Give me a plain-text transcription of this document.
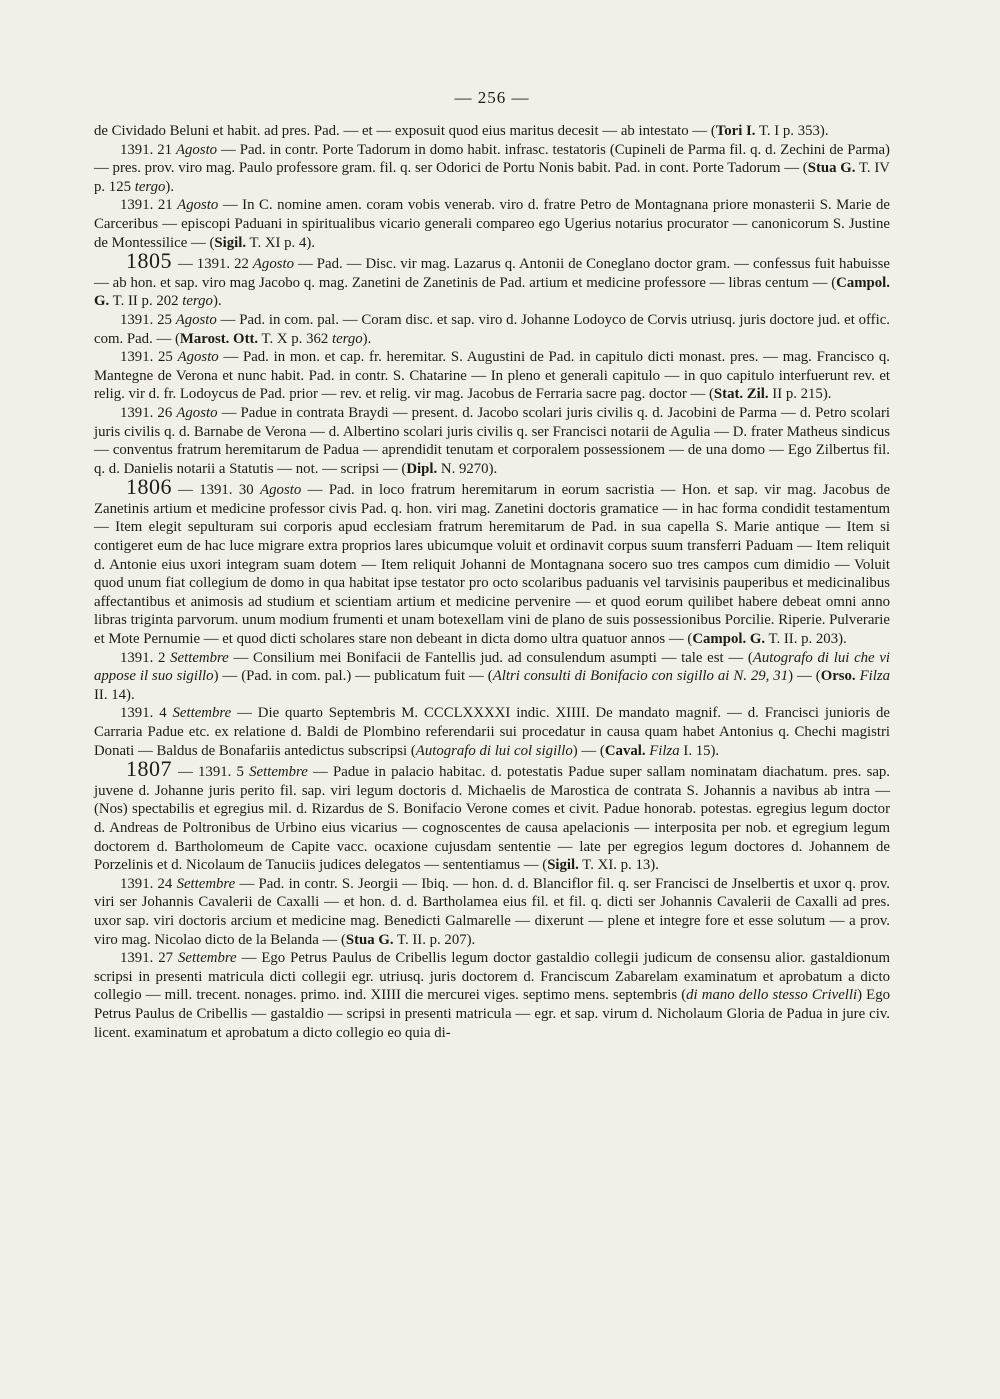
— 256 —

de Cividado Beluni et habit. ad pres. Pad. — et — exposuit quod eius maritus decesit — ab intestato — (Tori I. T. I p. 353).

1391. 21 Agosto — Pad. in contr. Porte Tadorum in domo habit. infrasc. testatoris (Cupineli de Parma fil. q. d. Zechini de Parma) — pres. prov. viro mag. Paulo professore gram. fil. q. ser Odorici de Portu Nonis babit. Pad. in cont. Porte Tadorum — (Stua G. T. IV p. 125 tergo).

1391. 21 Agosto — In C. nomine amen. coram vobis venerab. viro d. fratre Petro de Montagnana priore monasterii S. Marie de Carceribus — episcopi Paduani in spiritualibus vicario generali compareo ego Ugerius notarius procurator — canonicorum S. Justine de Montessilice — (Sigil. T. XI p. 4).

1805 — 1391. 22 Agosto — Pad. — Disc. vir mag. Lazarus q. Antonii de Coneglano doctor gram. — confessus fuit habuisse — ab hon. et sap. viro mag Jacobo q. mag. Zanetini de Zanetinis de Pad. artium et medicine professore — libras centum — (Campol. G. T. II p. 202 tergo).

1391. 25 Agosto — Pad. in com. pal. — Coram disc. et sap. viro d. Johanne Lodoyco de Corvis utriusq. juris doctore jud. et offic. com. Pad. — (Marost. Ott. T. X p. 362 tergo).

1391. 25 Agosto — Pad. in mon. et cap. fr. heremitar. S. Augustini de Pad. in capitulo dicti monast. pres. — mag. Francisco q. Mantegne de Verona et nunc habit. Pad. in contr. S. Chatarine — In pleno et generali capitulo — in quo capitulo interfuerunt rev. et relig. vir d. fr. Lodoycus de Pad. prior — rev. et relig. vir mag. Jacobus de Ferraria sacre pag. doctor — (Stat. Zil. II p. 215).

1391. 26 Agosto — Padue in contrata Braydi — present. d. Jacobo scolari juris civilis q. d. Jacobini de Parma — d. Petro scolari juris civilis q. d. Barnabe de Verona — d. Albertino scolari juris civilis q. ser Francisci notarii de Agulia — D. frater Matheus sindicus — conventus fratrum heremitarum de Padua — aprendidit tenutam et corporalem possessionem — de una domo — Ego Zilbertus fil. q. d. Danielis notarii a Statutis — not. — scripsi — (Dipl. N. 9270).

1806 — 1391. 30 Agosto — Pad. in loco fratrum heremitarum in eorum sacristia — Hon. et sap. vir mag. Jacobus de Zanetinis artium et medicine professor civis Pad. q. hon. viri mag. Zanetini doctoris gramatice — in hac forma condidit testamentum — Item elegit sepulturam sui corporis apud ecclesiam fratrum heremitarum de Pad. in sua capella S. Marie antique — Item si contigeret eum de hac luce migrare extra proprios lares ubicumque voluit et ordinavit corpus suum transferri Paduam — Item reliquit d. Antonie eius uxori integram suam dotem — Item reliquit Johanni de Montagnana socero suo tres campos cum dimidio — Voluit quod unum fiat collegium de domo in qua habitat ipse testator pro octo scolaribus paduanis vel tarvisinis pauperibus et medicinalibus affectantibus et animosis ad studium et scientiam artium et medicine pervenire — et quod eorum quilibet habere debeat omni anno libras triginta parvorum. unum modium frumenti et unam botexellam vini de plano de suis possessionibus Porcilie. Riperie. Pulverarie et Mote Pernumie — et quod dicti scholares stare non debeant in dicta domo ultra quatuor annos — (Campol. G. T. II. p. 203).

1391. 2 Settembre — Consilium mei Bonifacii de Fantellis jud. ad consulendum asumpti — tale est — (Autografo di lui che vi appose il suo sigillo) — (Pad. in com. pal.) — publicatum fuit — (Altri consulti di Bonifacio con sigillo ai N. 29, 31) — (Orso. Filza II. 14).

1391. 4 Settembre — Die quarto Septembris M. CCCLXXXXI indic. XIIII. De mandato magnif. — d. Francisci junioris de Carraria Padue etc. ex relatione d. Baldi de Plombino referendarii sui procedatur in causa quam habet Antonius q. Chechi magistri Donati — Baldus de Bonafariis antedictus subscripsi (Autografo di lui col sigillo) — (Caval. Filza I. 15).

1807 — 1391. 5 Settembre — Padue in palacio habitac. d. potestatis Padue super sallam nominatam diachatum. pres. sap. juvene d. Johanne juris perito fil. sap. viri legum doctoris d. Michaelis de Marostica de contrata S. Johannis a navibus ab intra — (Nos) spectabilis et egregius mil. d. Rizardus de S. Bonifacio Verone comes et civit. Padue honorab. potestas. egregius legum doctor d. Andreas de Poltronibus de Urbino eius vicarius — cognoscentes de causa apelacionis — interposita per nob. et egregium legum doctorem d. Bartholomeum de Capite vacc. ocaxione cujusdam sententie — late per egregios legum doctores d. Johannem de Porzelinis et d. Nicolaum de Tanuciis judices delegatos — sententiamus — (Sigil. T. XI. p. 13).

1391. 24 Settembre — Pad. in contr. S. Jeorgii — Ibiq. — hon. d. d. Blanciflor fil. q. ser Francisci de Jnselbertis et uxor q. prov. viri ser Johannis Cavalerii de Caxalli — et hon. d. d. Bartholamea eius fil. et fil. q. dicti ser Johannis Cavalerii de Caxalli ad pres. uxor sap. viri doctoris arcium et medicine mag. Benedicti Galmarelle — dixerunt — plene et integre fore et esse solutum — a prov. viro mag. Nicolao dicto de la Belanda — (Stua G. T. II. p. 207).

1391. 27 Settembre — Ego Petrus Paulus de Cribellis legum doctor gastaldio collegii judicum de consensu alior. gastaldionum scripsi in presenti matricula dicti collegii egr. utriusq. juris doctorem d. Franciscum Zabarelam examinatum et aprobatum a dicto collegio — mill. trecent. nonages. primo. ind. XIIII die mercurei viges. septimo mens. septembris (di mano dello stesso Crivelli) Ego Petrus Paulus de Cribellis — gastaldio — scripsi in presenti matricula — egr. et sap. virum d. Nicholaum Gloria de Padua in jure civ. licent. examinatum et aprobatum a dicto collegio eo quia di-
